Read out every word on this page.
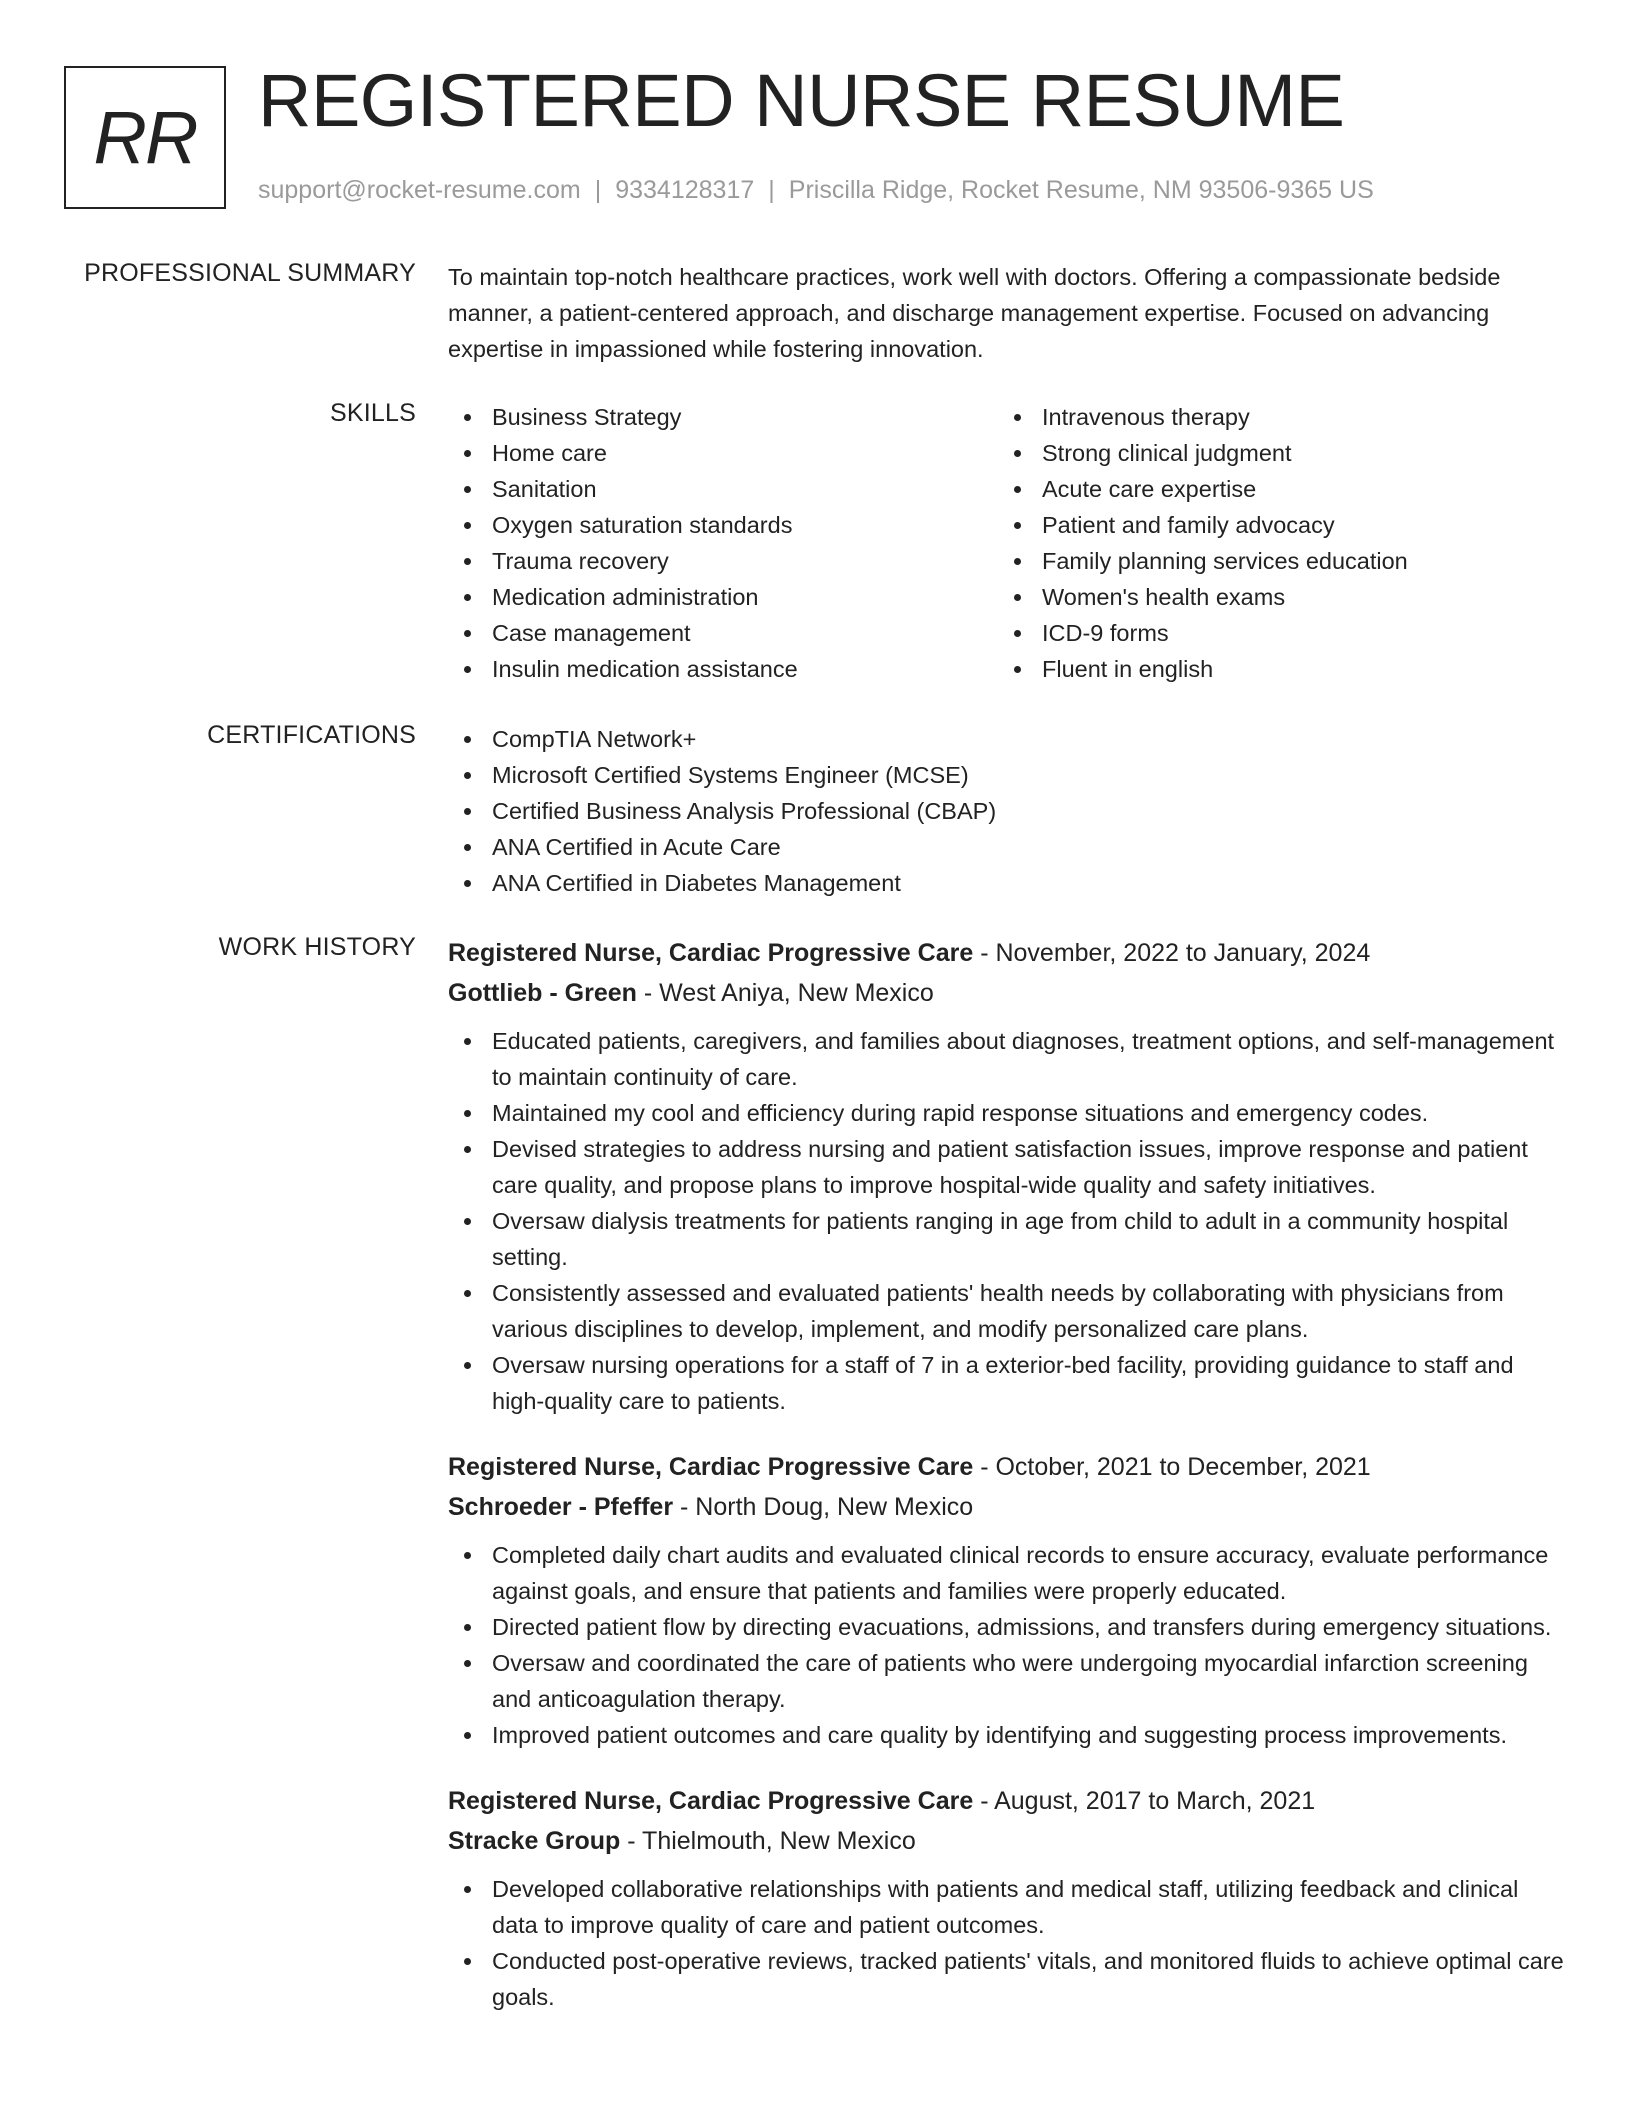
RR REGISTERED NURSE RESUME
support@rocket-resume.com | 9334128317 | Priscilla Ridge, Rocket Resume, NM 93506-9365 US
PROFESSIONAL SUMMARY To maintain top-notch healthcare practices, work well with doctors. Offering a compassionate bedside manner, a patient-centered approach, and discharge management expertise. Focused on advancing expertise in impassioned while fostering innovation.
SKILLS	Business Strategy
Home care
Sanitation
Oxygen saturation standards
Trauma recovery
Medication administration
Case management
Insulin medication assistance
Intravenous therapy
Strong clinical judgment
Acute care expertise
Patient and family advocacy
Family planning services education
Women's health exams
ICD-9 forms
Fluent in english
CERTIFICATIONS	CompTIA Network+
Microsoft Certified Systems Engineer (MCSE)
Certified Business Analysis Professional (CBAP)
ANA Certified in Acute Care
ANA Certified in Diabetes Management
WORK HISTORY Registered Nurse, Cardiac Progressive Care - November, 2022 to January, 2024
Gottlieb - Green - West Aniya, New Mexico
Educated patients, caregivers, and families about diagnoses, treatment options, and self-management to maintain continuity of care.
Maintained my cool and efficiency during rapid response situations and emergency codes.
Devised strategies to address nursing and patient satisfaction issues, improve response and patient care quality, and propose plans to improve hospital-wide quality and safety initiatives.
Oversaw dialysis treatments for patients ranging in age from child to adult in a community hospital setting.
Consistently assessed and evaluated patients' health needs by collaborating with physicians from various disciplines to develop, implement, and modify personalized care plans.
Oversaw nursing operations for a staff of 7 in a exterior-bed facility, providing guidance to staff and high-quality care to patients.
Registered Nurse, Cardiac Progressive Care - October, 2021 to December, 2021
Schroeder - Pfeffer - North Doug, New Mexico
Completed daily chart audits and evaluated clinical records to ensure accuracy, evaluate performance against goals, and ensure that patients and families were properly educated.
Directed patient flow by directing evacuations, admissions, and transfers during emergency situations.
Oversaw and coordinated the care of patients who were undergoing myocardial infarction screening and anticoagulation therapy.
Improved patient outcomes and care quality by identifying and suggesting process improvements.
Registered Nurse, Cardiac Progressive Care - August, 2017 to March, 2021
Stracke Group - Thielmouth, New Mexico
Developed collaborative relationships with patients and medical staff, utilizing feedback and clinical data to improve quality of care and patient outcomes.
Conducted post-operative reviews, tracked patients' vitals, and monitored fluids to achieve optimal care goals.
